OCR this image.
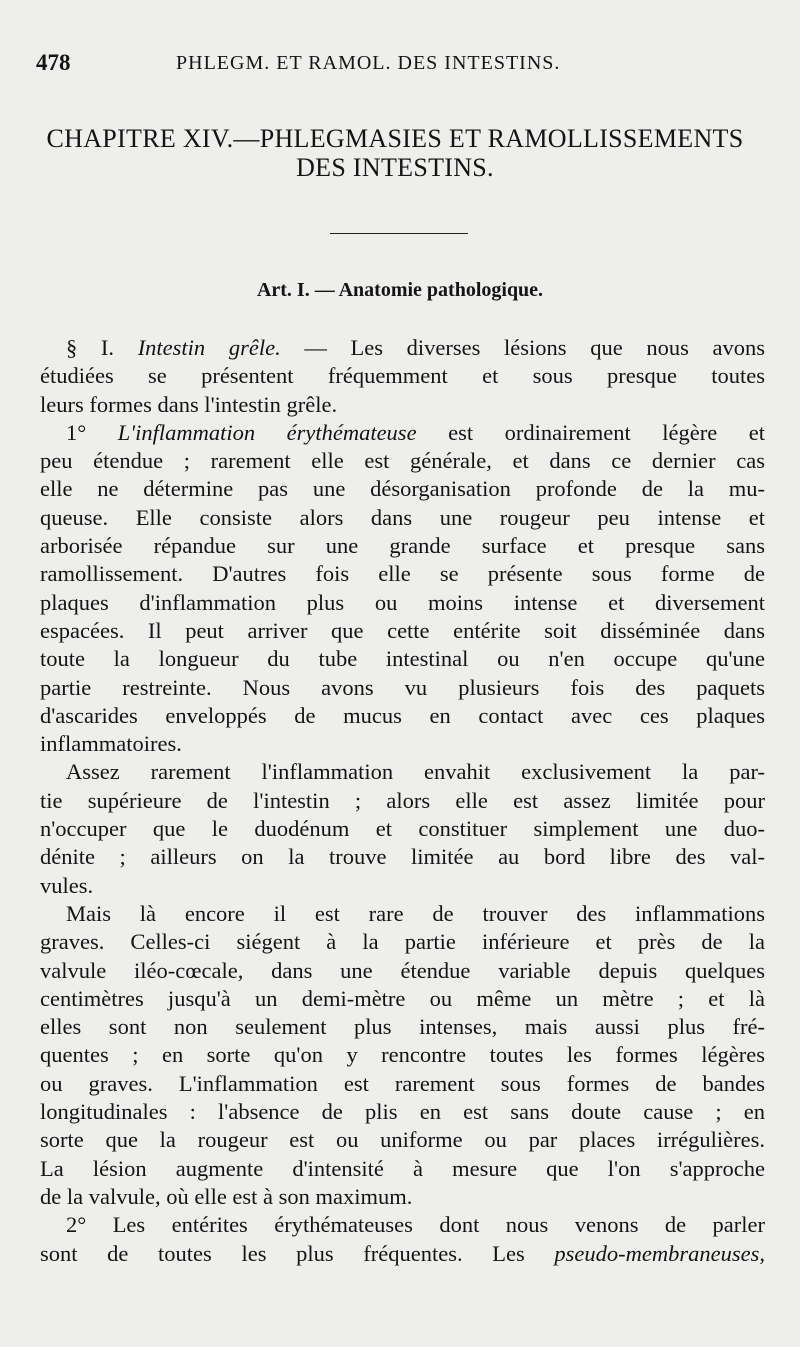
478	PHLEGM. ET RAMOL. DES INTESTINS.
CHAPITRE XIV.—PHLEGMASIES ET RAMOLLISSEMENTS
DES INTESTINS.
Art. I. — Anatomie pathologique.
§ I. Intestin grêle. — Les diverses lésions que nous avons
étudiées se présentent fréquemment et sous presque toutes
leurs formes dans l'intestin grêle.
1° L'inflammation érythémateuse est ordinairement légère et
peu étendue ; rarement elle est générale, et dans ce dernier cas
elle ne détermine pas une désorganisation profonde de la mu-
queuse. Elle consiste alors dans une rougeur peu intense et
arborisée répandue sur une grande surface et presque sans
ramollissement. D'autres fois elle se présente sous forme de
plaques d'inflammation plus ou moins intense et diversement
espacées. Il peut arriver que cette entérite soit disséminée dans
toute la longueur du tube intestinal ou n'en occupe qu'une
partie restreinte. Nous avons vu plusieurs fois des paquets
d'ascarides enveloppés de mucus en contact avec ces plaques
inflammatoires.
Assez rarement l'inflammation envahit exclusivement la par-
tie supérieure de l'intestin ; alors elle est assez limitée pour
n'occuper que le duodénum et constituer simplement une duo-
dénite ; ailleurs on la trouve limitée au bord libre des val-
vules.
Mais là encore il est rare de trouver des inflammations
graves. Celles-ci siégent à la partie inférieure et près de la
valvule iléo-cœcale, dans une étendue variable depuis quelques
centimètres jusqu'à un demi-mètre ou même un mètre ; et là
elles sont non seulement plus intenses, mais aussi plus fré-
quentes ; en sorte qu'on y rencontre toutes les formes légères
ou graves. L'inflammation est rarement sous formes de bandes
longitudinales : l'absence de plis en est sans doute cause ; en
sorte que la rougeur est ou uniforme ou par places irrégulières.
La lésion augmente d'intensité à mesure que l'on s'approche
de la valvule, où elle est à son maximum.
2° Les entérites érythémateuses dont nous venons de parler
sont de toutes les plus fréquentes. Les pseudo-membraneuses,
